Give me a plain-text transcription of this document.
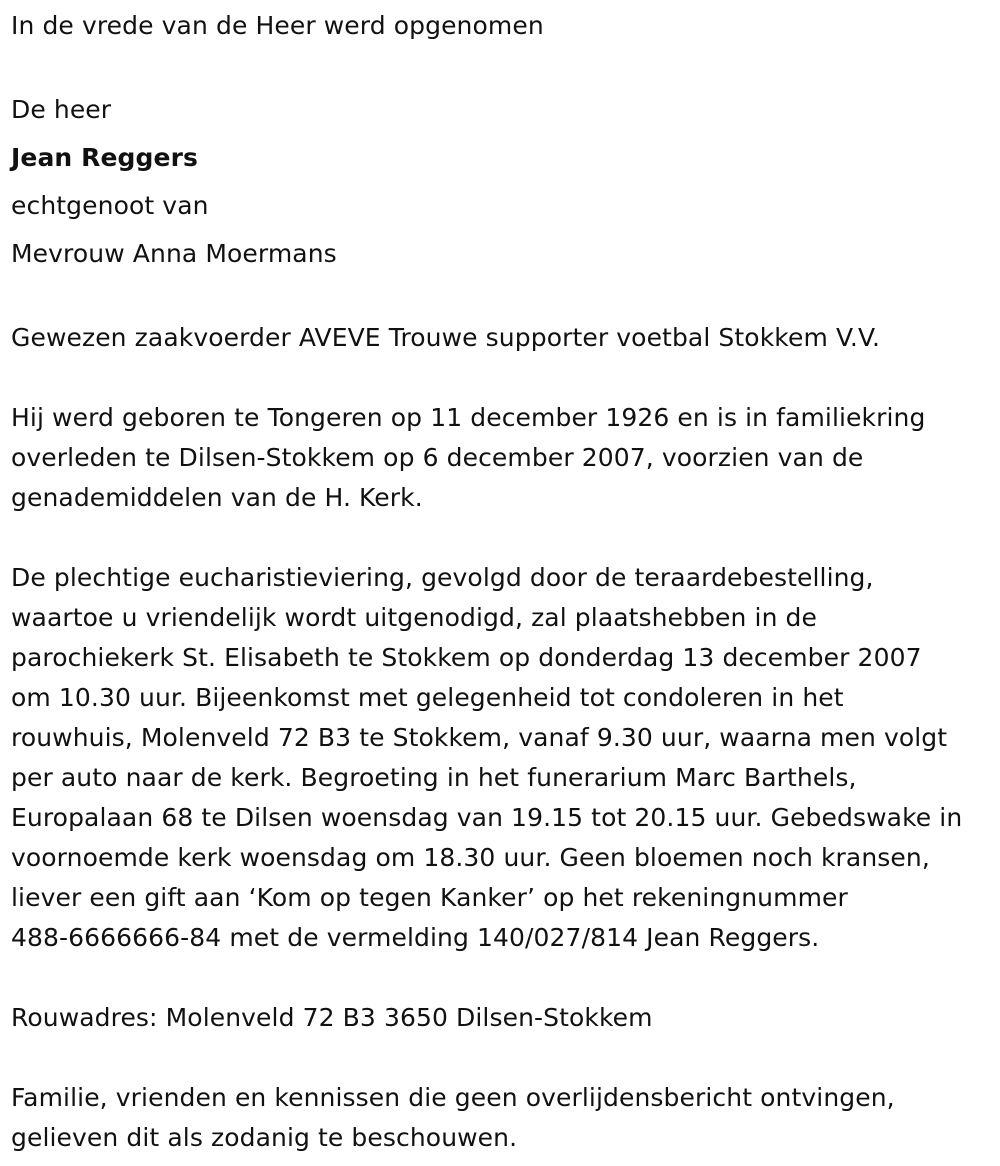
In de vrede van de Heer werd opgenomen

De heer

Jean Reggers

echtgenoot van

Mevrouw Anna Moermans

Gewezen zaakvoerder AVEVE Trouwe supporter voetbal Stokkem V.V.

Hij werd geboren te Tongeren op 11 december 1926 en is in familiekring

overleden te Dilsen-Stokkem op 6 december 2007, voorzien van de

genademiddelen van de H. Kerk.

De plechtige eucharistieviering, gevolgd door de teraardebestelling,

waartoe u vriendelijk wordt uitgenodigd, zal plaatshebben in de

parochiekerk St. Elisabeth te Stokkem op donderdag 13 december 2007

om 10.30 uur. Bijeenkomst met gelegenheid tot condoleren in het

rouwhuis, Molenveld 72 B3 te Stokkem, vanaf 9.30 uur, waarna men volgt

per auto naar de kerk. Begroeting in het funerarium Marc Barthels,

Europalaan 68 te Dilsen woensdag van 19.15 tot 20.15 uur. Gebedswake in

voornoemde kerk woensdag om 18.30 uur. Geen bloemen noch kransen,

liever een gift aan ‘Kom op tegen Kanker’ op het rekeningnummer

488-6666666-84 met de vermelding 140/027/814 Jean Reggers.

Rouwadres: Molenveld 72 B3 3650 Dilsen-Stokkem

Familie, vrienden en kennissen die geen overlijdensbericht ontvingen,

gelieven dit als zodanig te beschouwen.
